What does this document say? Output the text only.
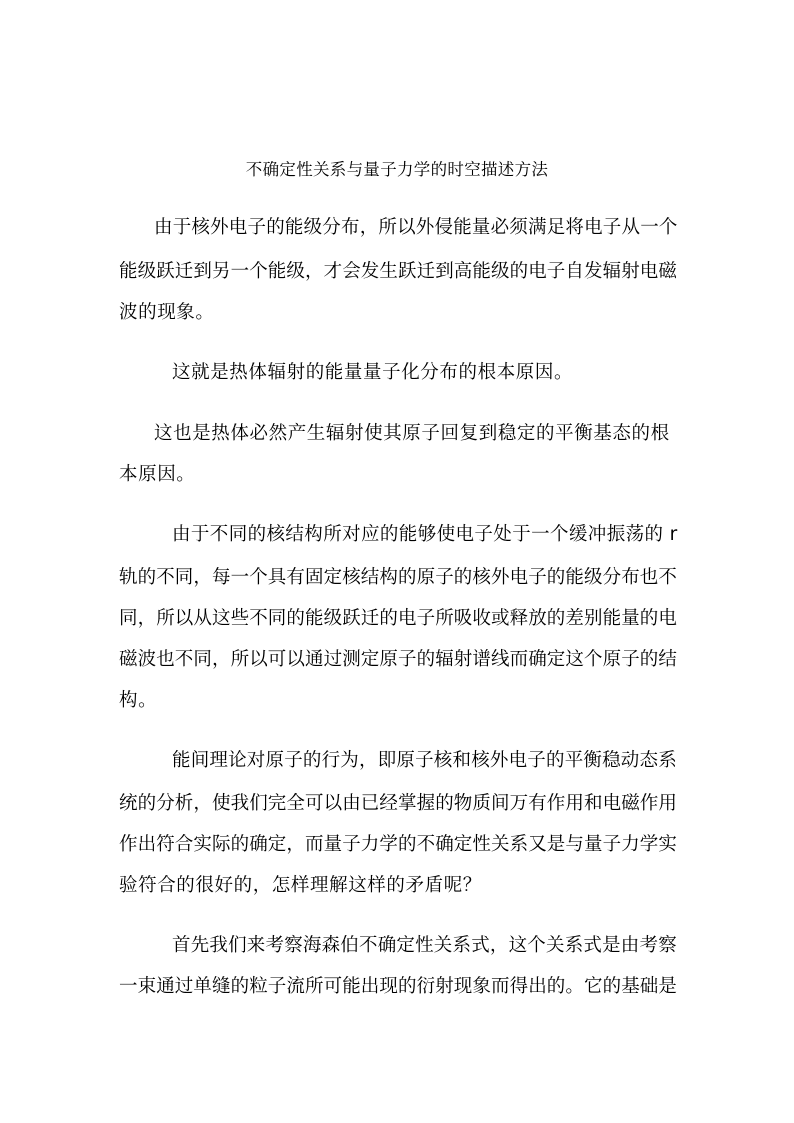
不确定性关系与量子力学的时空描述方法
由于核外电子的能级分布，所以外侵能量必须满足将电子从一个
能级跃迁到另一个能级，才会发生跃迁到高能级的电子自发辐射电磁
波的现象。
这就是热体辐射的能量量子化分布的根本原因。
这也是热体必然产生辐射使其原子回复到稳定的平衡基态的根
本原因。
由于不同的核结构所对应的能够使电子处于一个缓冲振荡的 r
轨的不同，每一个具有固定核结构的原子的核外电子的能级分布也不
同，所以从这些不同的能级跃迁的电子所吸收或释放的差别能量的电
磁波也不同，所以可以通过测定原子的辐射谱线而确定这个原子的结
构。
能间理论对原子的行为，即原子核和核外电子的平衡稳动态系
统的分析，使我们完全可以由已经掌握的物质间万有作用和电磁作用
作出符合实际的确定，而量子力学的不确定性关系又是与量子力学实
验符合的很好的，怎样理解这样的矛盾呢？
首先我们来考察海森伯不确定性关系式，这个关系式是由考察
一束通过单缝的粒子流所可能出现的衍射现象而得出的。它的基础是
